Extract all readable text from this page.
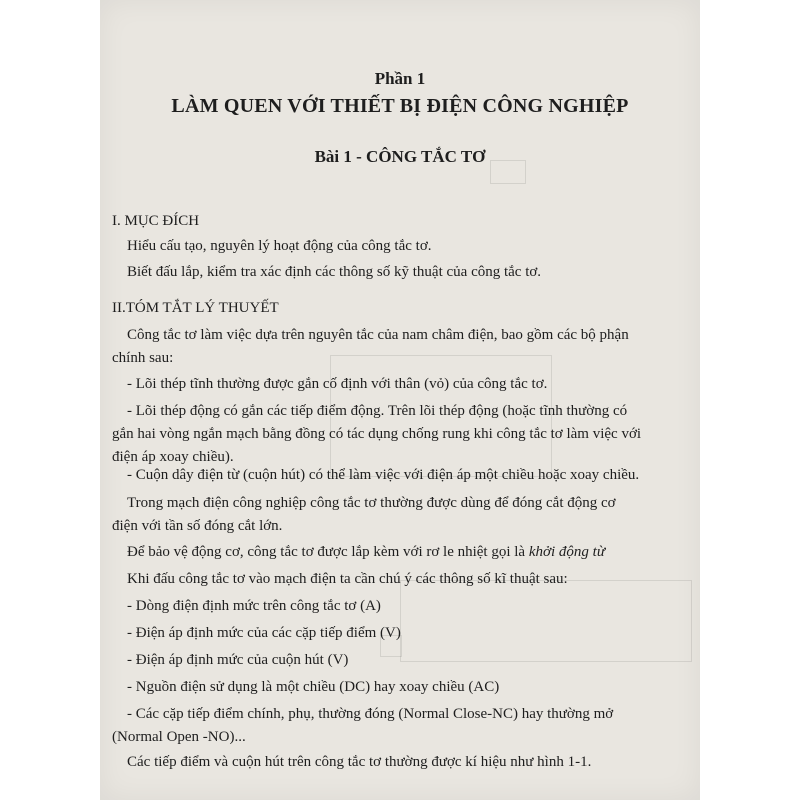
Phần 1
LÀM QUEN VỚI THIẾT BỊ ĐIỆN CÔNG NGHIỆP
Bài 1 - CÔNG TẮC TƠ
I. MỤC ĐÍCH
Hiểu cấu tạo, nguyên lý hoạt động của công tắc tơ.
Biết đấu lắp, kiểm tra xác định các thông số kỹ thuật của công tắc tơ.
II.TÓM TẮT LÝ THUYẾT
Công tắc tơ làm việc dựa trên nguyên tắc của nam châm điện, bao gồm các bộ phận
chính sau:
- Lõi thép tĩnh thường được gắn cố định với thân (vỏ) của công tắc tơ.
- Lõi thép động có gắn các tiếp điểm động. Trên lõi thép động (hoặc tĩnh thường có
gắn hai vòng ngắn mạch bằng đồng có tác dụng chống rung khi công tắc tơ làm việc với
điện áp xoay chiều).
- Cuộn dây điện từ (cuộn hút) có thể làm việc với điện áp một chiều hoặc xoay chiều.
Trong mạch điện công nghiệp công tắc tơ thường được dùng để đóng cắt động cơ
điện với tần số đóng cắt lớn.
Để bảo vệ động cơ, công tắc tơ được lắp kèm với rơ le nhiệt gọi là khởi động từ
Khi đấu công tắc tơ vào mạch điện ta cần chú ý các thông số kĩ thuật sau:
- Dòng điện định mức trên công tắc tơ (A)
- Điện áp định mức của các cặp tiếp điểm (V)
- Điện áp định mức của cuộn hút (V)
- Nguồn điện sử dụng là một chiều (DC) hay xoay chiều (AC)
- Các cặp tiếp điểm chính, phụ, thường đóng (Normal Close-NC) hay thường mở
(Normal Open -NO)...
Các tiếp điểm và cuộn hút trên công tắc tơ thường được kí hiệu như hình 1-1.
